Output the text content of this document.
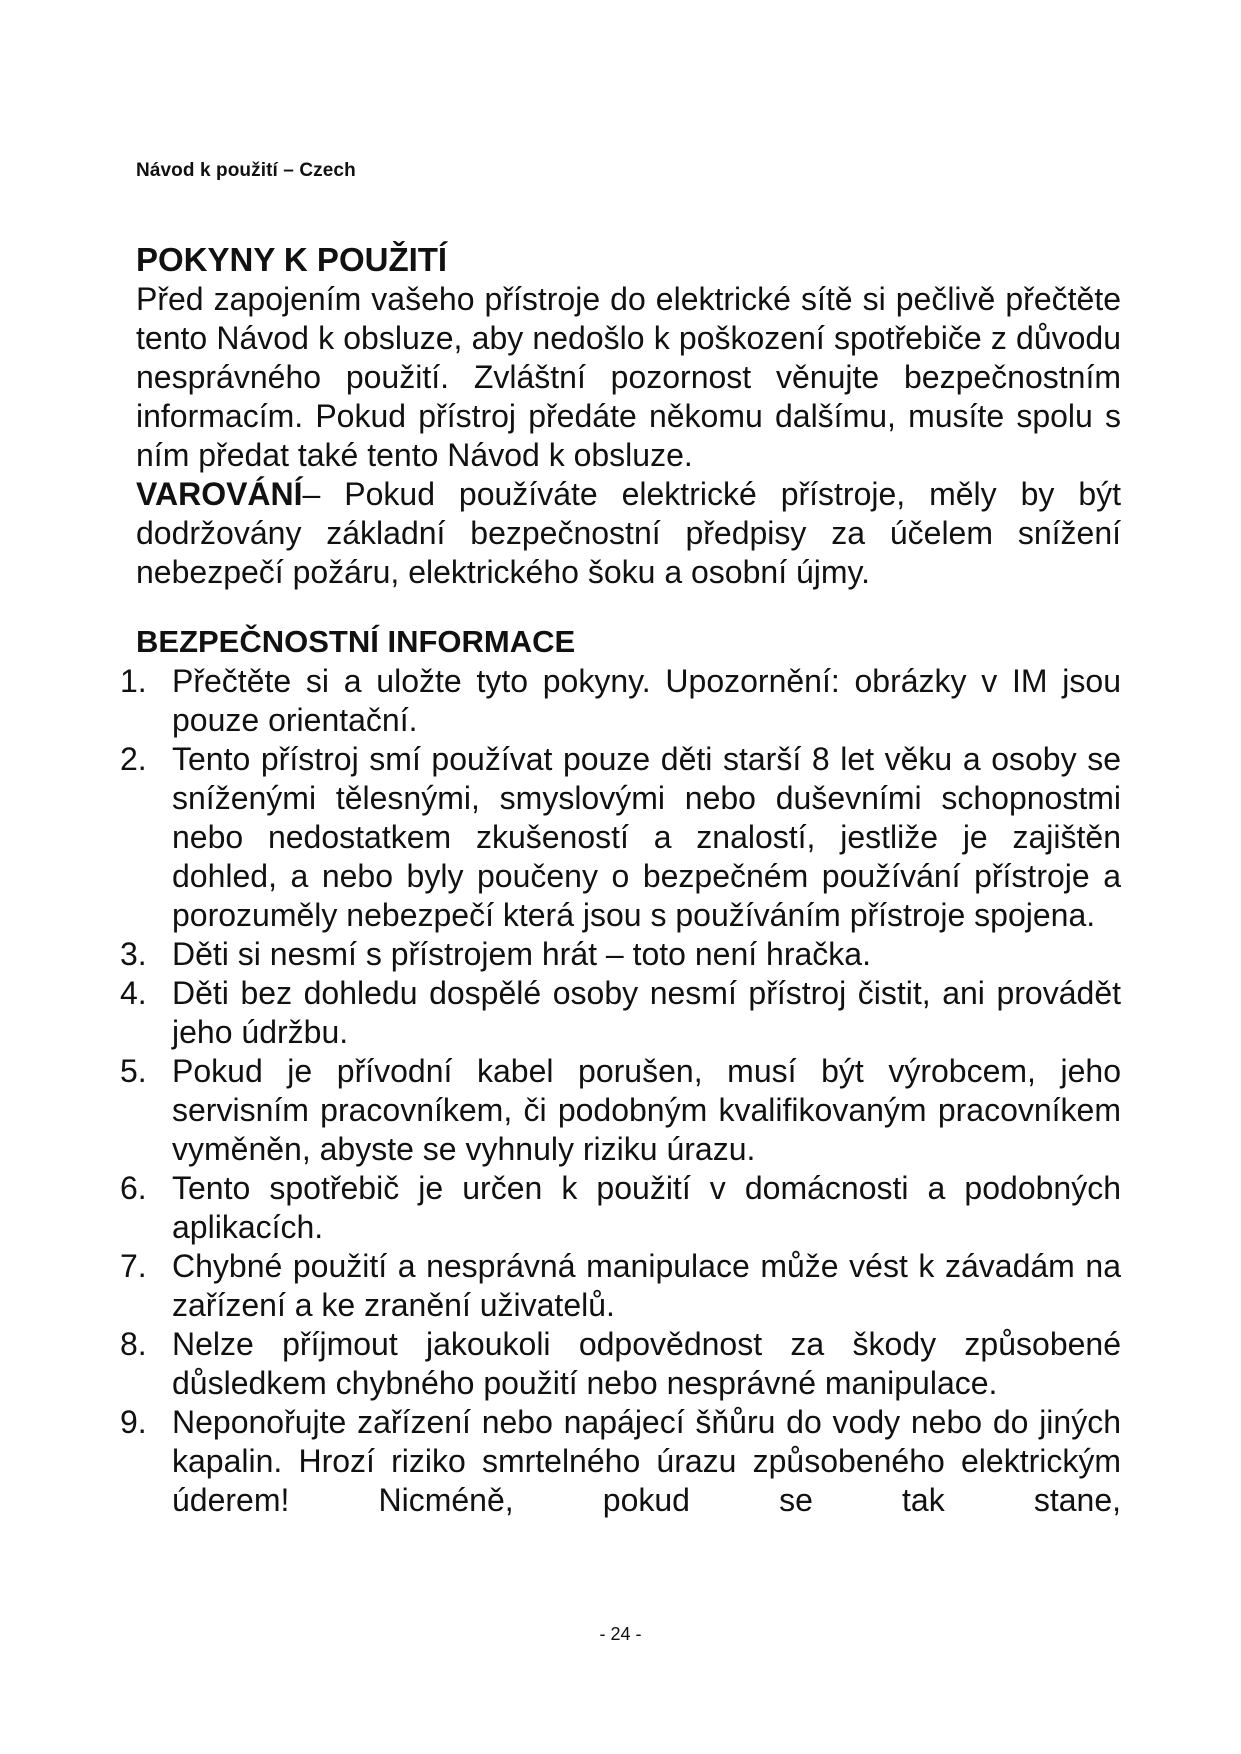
Návod k použití – Czech
POKYNY K POUŽITÍ

Před zapojením vašeho přístroje do elektrické sítě si pečlivě přečtěte tento Návod k obsluze, aby nedošlo k poškození spotřebiče z důvodu nesprávného použití. Zvláštní pozornost věnujte bezpečnostním informacím. Pokud přístroj předáte někomu dalšímu, musíte spolu s ním předat také tento Návod k obsluze.

VAROVÁNÍ– Pokud používáte elektrické přístroje, měly by být dodržovány základní bezpečnostní předpisy za účelem snížení nebezpečí požáru, elektrického šoku a osobní újmy.

BEZPEČNOSTNÍ INFORMACE
1. Přečtěte si a uložte tyto pokyny. Upozornění: obrázky v IM jsou pouze orientační.
2. Tento přístroj smí používat pouze děti starší 8 let věku a osoby se sníženými tělesnými, smyslovými nebo duševními schopnostmi nebo nedostatkem zkušeností a znalostí, jestliže je zajištěn dohled, a nebo byly poučeny o bezpečném používání přístroje a porozuměly nebezpečí která jsou s používáním přístroje spojena.
3. Děti si nesmí s přístrojem hrát – toto není hračka.
4. Děti bez dohledu dospělé osoby nesmí přístroj čistit, ani provádět jeho údržbu.
5. Pokud je přívodní kabel porušen, musí být výrobcem, jeho servisním pracovníkem, či podobným kvalifikovaným pracovníkem vyměněn, abyste se vyhnuly riziku úrazu.
6. Tento spotřebič je určen k použití v domácnosti a podobných aplikacích.
7. Chybné použití a nesprávná manipulace může vést k závadám na zařízení a ke zranění uživatelů.
8. Nelze příjmout jakoukoli odpovědnost za škody způsobené důsledkem chybného použití nebo nesprávné manipulace.
9. Neponořujte zařízení nebo napájecí šňůru do vody nebo do jiných kapalin. Hrozí riziko smrtelného úrazu způsobeného elektrickým úderem! Nicméně, pokud se tak stane,
- 24 -
